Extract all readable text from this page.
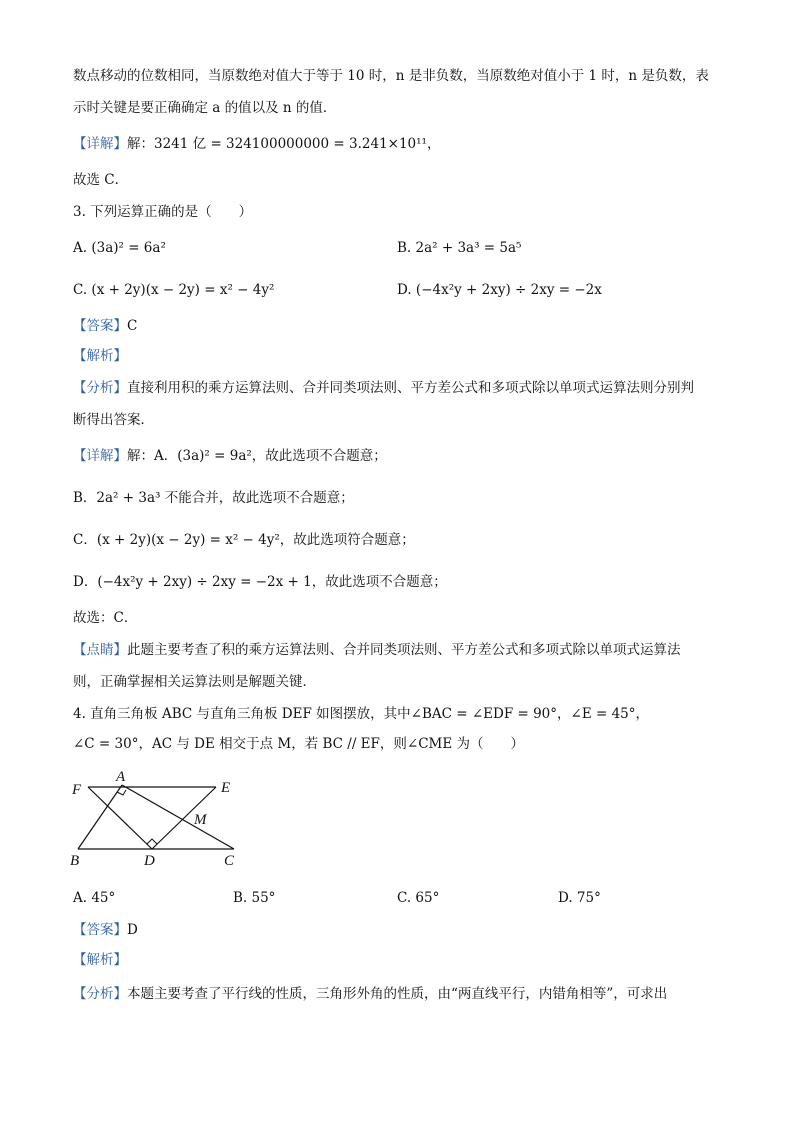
数点移动的位数相同，当原数绝对值大于等于 10 时，n 是非负数，当原数绝对值小于 1 时，n 是负数，表
示时关键是要正确确定 a 的值以及 n 的值．
【详解】解：3241 亿 = 324100000000 = 3.241×10¹¹，
故选 C．
3. 下列运算正确的是（　　）
A. (3a)² = 6a²	B. 2a² + 3a³ = 5a⁵
C. (x + 2y)(x − 2y) = x² − 4y²	D. (−4x²y + 2xy) ÷ 2xy = −2x
【答案】C
【解析】
【分析】直接利用积的乘方运算法则、合并同类项法则、平方差公式和多项式除以单项式运算法则分别判
断得出答案．
【详解】解：A．(3a)² = 9a²，故此选项不合题意；
B．2a² + 3a³ 不能合并，故此选项不合题意；
C．(x + 2y)(x − 2y) = x² − 4y²，故此选项符合题意；
D．(−4x²y + 2xy) ÷ 2xy = −2x + 1，故此选项不合题意；
故选：C．
【点睛】此题主要考查了积的乘方运算法则、合并同类项法则、平方差公式和多项式除以单项式运算法
则，正确掌握相关运算法则是解题关键．
4. 直角三角板 ABC 与直角三角板 DEF 如图摆放，其中∠BAC = ∠EDF = 90°，∠E = 45°，
∠C = 30°，AC 与 DE 相交于点 M，若 BC // EF，则∠CME 为（　　）
F
A
E
M
B	D	C
A. 45°	B. 55°	C. 65°	D. 75°
【答案】D
【解析】
【分析】本题主要考查了平行线的性质，三角形外角的性质，由“两直线平行，内错角相等”，可求出
